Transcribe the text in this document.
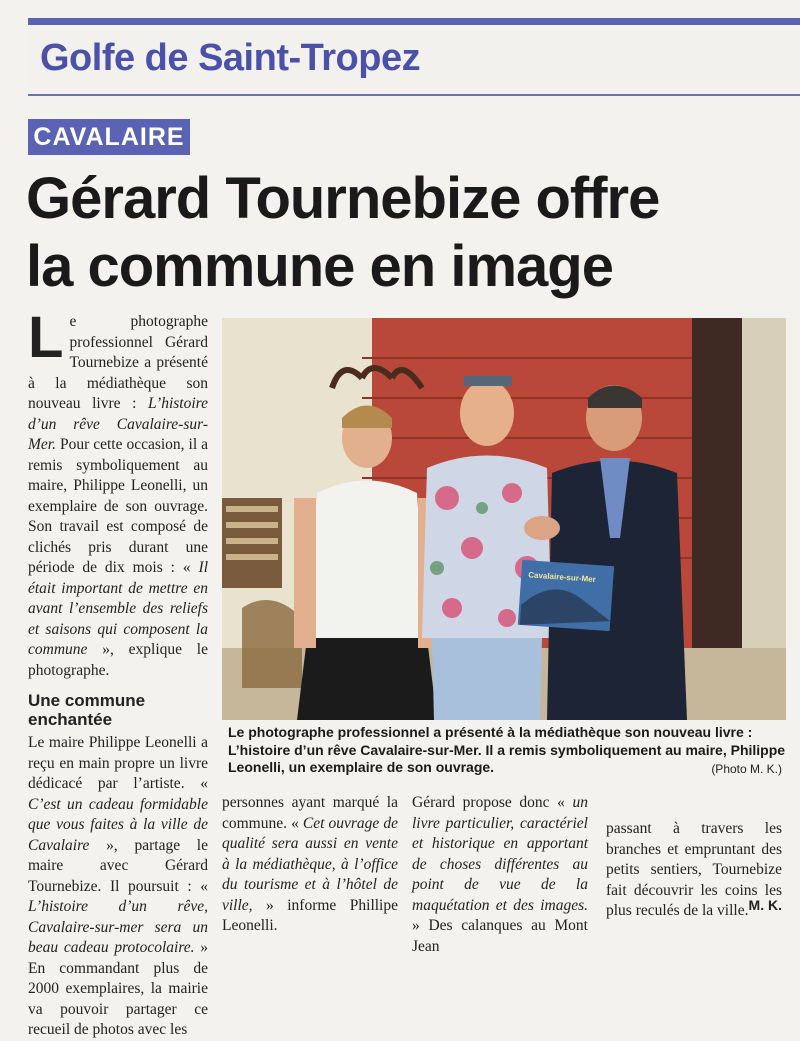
Golfe de Saint-Tropez
CAVALAIRE
Gérard Tournebize offre
la commune en image

Le photographe professionnel Gérard Tournebize a présenté à la médiathèque son nouveau livre : L’histoire d’un rêve Cavalaire-sur-Mer. Pour cette occasion, il a remis symboliquement au maire, Philippe Leonelli, un exemplaire de son ouvrage. Son travail est composé de clichés pris durant une période de dix mois : « Il était important de mettre en avant l’ensemble des reliefs et saisons qui composent la commune », explique le photographe.

Une commune enchantée

Le maire Philippe Leonelli a reçu en main propre un livre dédicacé par l’artiste. « C’est un cadeau formidable que vous faites à la ville de Cavalaire », partage le maire avec Gérard Tournebize. Il poursuit : « L’histoire d’un rêve, Cavalaire-sur-mer sera un beau cadeau protocolaire. » En commandant plus de 2000 exemplaires, la mairie va pouvoir partager ce recueil de photos avec les

Cavalaire-sur-Mer
Le photographe professionnel a présenté à la médiathèque son nouveau livre : L’histoire d’un rêve Cavalaire-sur-Mer. Il a remis symboliquement au maire, Philippe Leonelli, un exemplaire de son ouvrage.	(Photo M. K.)
personnes ayant marqué la commune. « Cet ouvrage de qualité sera aussi en vente à la médiathèque, à l’office du tourisme et à l’hôtel de ville, » informe Phillipe Leonelli.
Gérard propose donc « un livre particulier, caractériel et historique en apportant de choses différentes au point de vue de la maquétation et des images. » Des calanques au Mont Jean
passant à travers les branches et empruntant des petits sentiers, Tournebize fait découvrir les coins les plus reculés de la ville. M. K.
